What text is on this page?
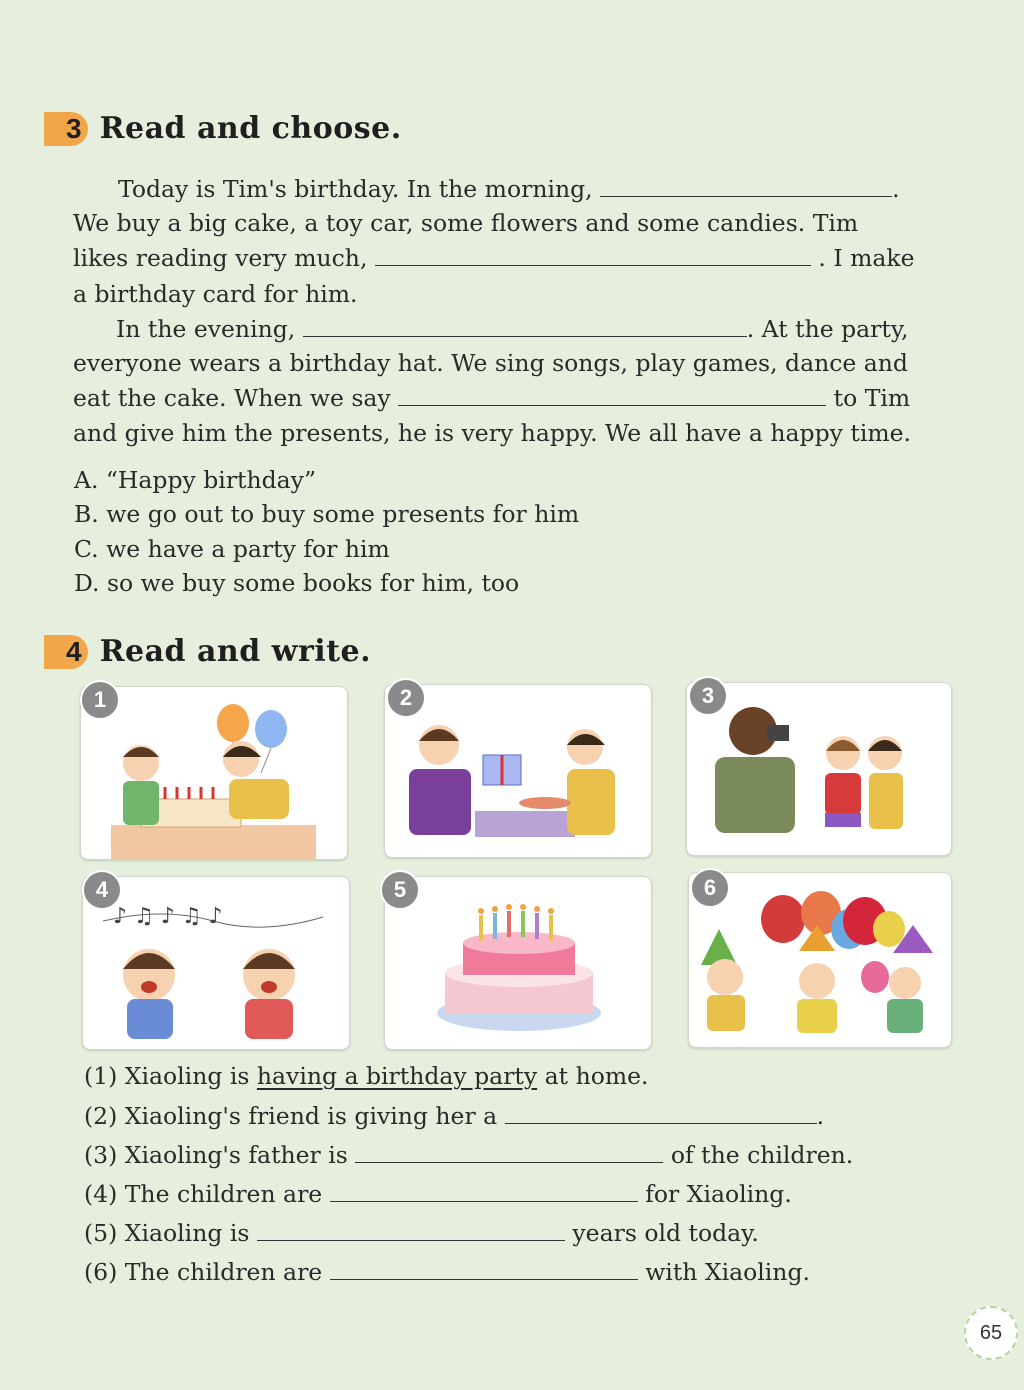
3 Read and choose.
Today is Tim's birthday. In the morning,	.
We buy a big cake, a toy car, some flowers and some candies. Tim
likes reading very much,	. I make
a birthday card for him.
In the evening,	. At the party,
everyone wears a birthday hat. We sing songs, play games, dance and
eat the cake. When we say	to Tim
and give him the presents, he is very happy. We all have a happy time.
A. “Happy birthday”
B. we go out to buy some presents for him
C. we have a party for him
D. so we buy some books for him, too
4 Read and write.
1	2	3
4
♪ ♫ ♪ ♫ ♪
5	6
(1) Xiaoling is having a birthday party at home.
(2) Xiaoling's friend is giving her a	.
(3) Xiaoling's father is	of the children.
(4) The children are	for Xiaoling.
(5) Xiaoling is	years old today.
(6) The children are	with Xiaoling.
65
